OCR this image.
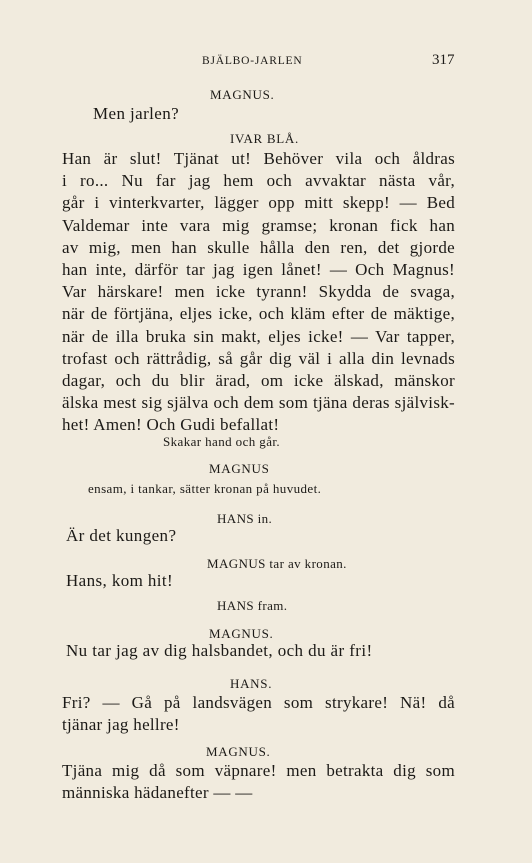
BJÄLBO-JARLEN	317
MAGNUS.
Men jarlen?
IVAR BLÅ.
Han är slut! Tjänat ut! Behöver vila och åldras
i ro... Nu far jag hem och avvaktar nästa vår,
går i vinterkvarter, lägger opp mitt skepp! — Bed
Valdemar inte vara mig gramse; kronan fick han
av mig, men han skulle hålla den ren, det gjorde
han inte, därför tar jag igen lånet! — Och Magnus!
Var härskare! men icke tyrann! Skydda de svaga,
när de förtjäna, eljes icke, och kläm efter de mäktige,
när de illa bruka sin makt, eljes icke! — Var tapper,
trofast och rättrådig, så går dig väl i alla din levnads
dagar, och du blir ärad, om icke älskad, mänskor
älska mest sig själva och dem som tjäna deras självisk-
het! Amen! Och Gudi befallat!
Skakar hand och går.
MAGNUS
ensam, i tankar, sätter kronan på huvudet.
HANS in.
Är det kungen?
MAGNUS tar av kronan.
Hans, kom hit!
HANS fram.
MAGNUS.
Nu tar jag av dig halsbandet, och du är fri!
HANS.
Fri? — Gå på landsvägen som strykare! Nä! då
tjänar jag hellre!
MAGNUS.
Tjäna mig då som väpnare! men betrakta dig som
människa hädanefter — —
